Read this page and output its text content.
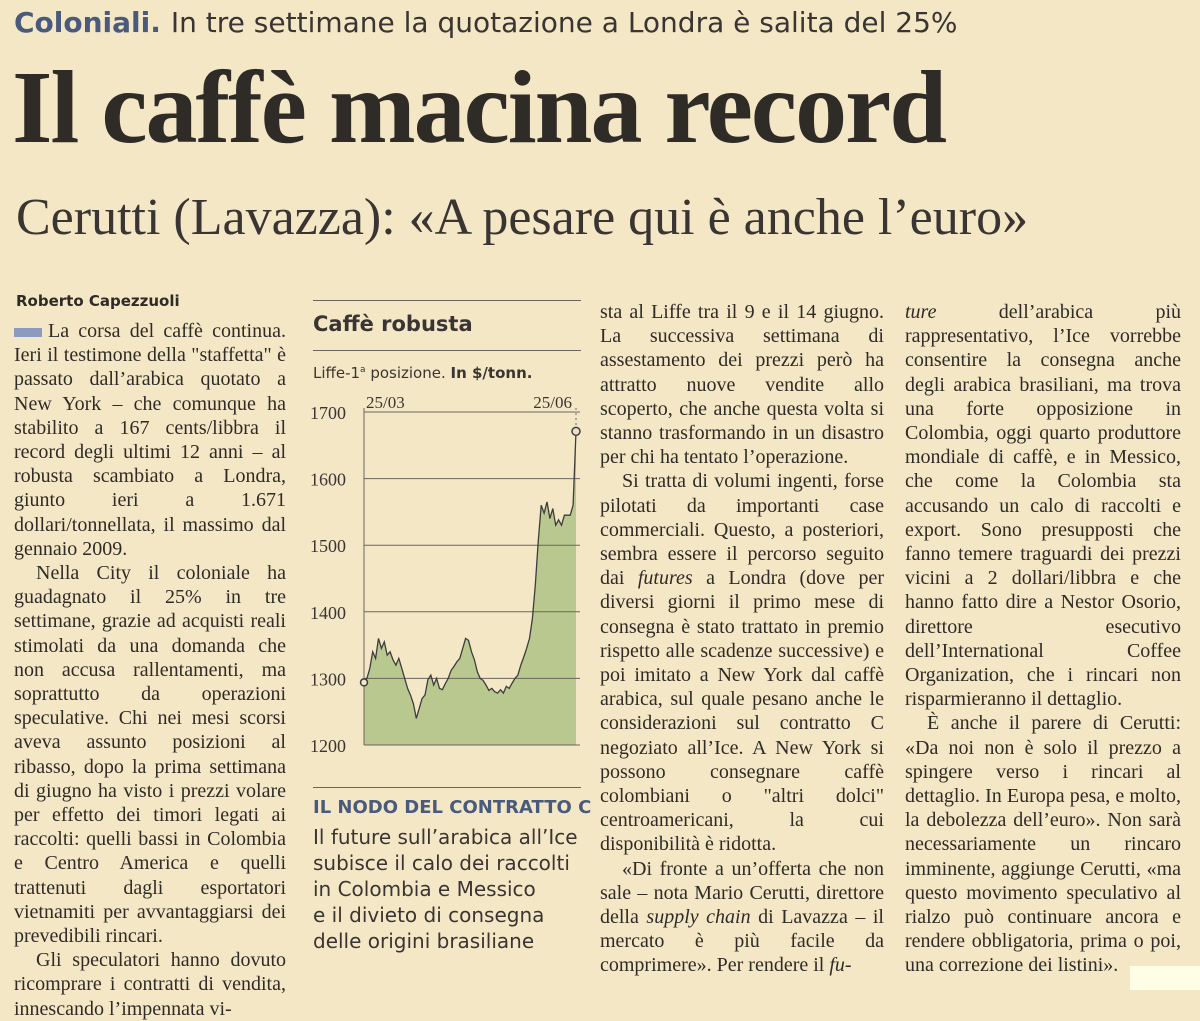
Coloniali. In tre settimane la quotazione a Londra è salita del 25%
Il caffè macina record
Cerutti (Lavazza): «A pesare qui è anche l’euro»
Roberto Capezzuoli

La corsa del caffè continua. Ieri il testimone della "staffetta" è passato dall’arabica quotato a New York – che comunque ha stabilito a 167 cents/libbra il record degli ultimi 12 anni – al robusta scambiato a Londra, giunto ieri a 1.671 dollari/tonnellata, il massimo dal gennaio 2009.

Nella City il coloniale ha guadagnato il 25% in tre settimane, grazie ad acquisti reali stimolati da una domanda che non accusa rallentamenti, ma soprattutto da operazioni speculative. Chi nei mesi scorsi aveva assunto posizioni al ribasso, dopo la prima settimana di giugno ha visto i prezzi volare per effetto dei timori legati ai raccolti: quelli bassi in Colombia e Centro America e quelli trattenuti dagli esportatori vietnamiti per avvantaggiarsi dei prevedibili rincari.

Gli speculatori hanno dovuto ricomprare i contratti di vendita, innescando l’impennata vi-

Caffè robusta
Liffe-1$^a$ posizione. In $/tonn.
1200
1300
1400
1500
1600
1700
25/03	25/06
IL NODO DEL CONTRATTO C
Il future sull’arabica all’Ice
subisce il calo dei raccolti
in Colombia e Messico
e il divieto di consegna
delle origini brasiliane

sta al Liffe tra il 9 e il 14 giugno. La successiva settimana di assestamento dei prezzi però ha attratto nuove vendite allo scoperto, che anche questa volta si stanno trasformando in un disastro per chi ha tentato l’operazione.

Si tratta di volumi ingenti, forse pilotati da importanti case commerciali. Questo, a posteriori, sembra essere il percorso seguito dai futures a Londra (dove per diversi giorni il primo mese di consegna è stato trattato in premio rispetto alle scadenze successive) e poi imitato a New York dal caffè arabica, sul quale pesano anche le considerazioni sul contratto C negoziato all’Ice. A New York si possono consegnare caffè colombiani o "altri dolci" centroamericani, la cui disponibilità è ridotta.

«Di fronte a un’offerta che non sale – nota Mario Cerutti, direttore della supply chain di Lavazza – il mercato è più facile da comprimere». Per rendere il fu-

ture dell’arabica più rappresentativo, l’Ice vorrebbe consentire la consegna anche degli arabica brasiliani, ma trova una forte opposizione in Colombia, oggi quarto produttore mondiale di caffè, e in Messico, che come la Colombia sta accusando un calo di raccolti e export. Sono presupposti che fanno temere traguardi dei prezzi vicini a 2 dollari/libbra e che hanno fatto dire a Nestor Osorio, direttore esecutivo dell’International Coffee Organization, che i rincari non risparmieranno il dettaglio.

È anche il parere di Cerutti: «Da noi non è solo il prezzo a spingere verso i rincari al dettaglio. In Europa pesa, e molto, la debolezza dell’euro». Non sarà necessariamente un rincaro imminente, aggiunge Cerutti, «ma questo movimento speculativo al rialzo può continuare ancora e rendere obbligatoria, prima o poi, una correzione dei listini».
